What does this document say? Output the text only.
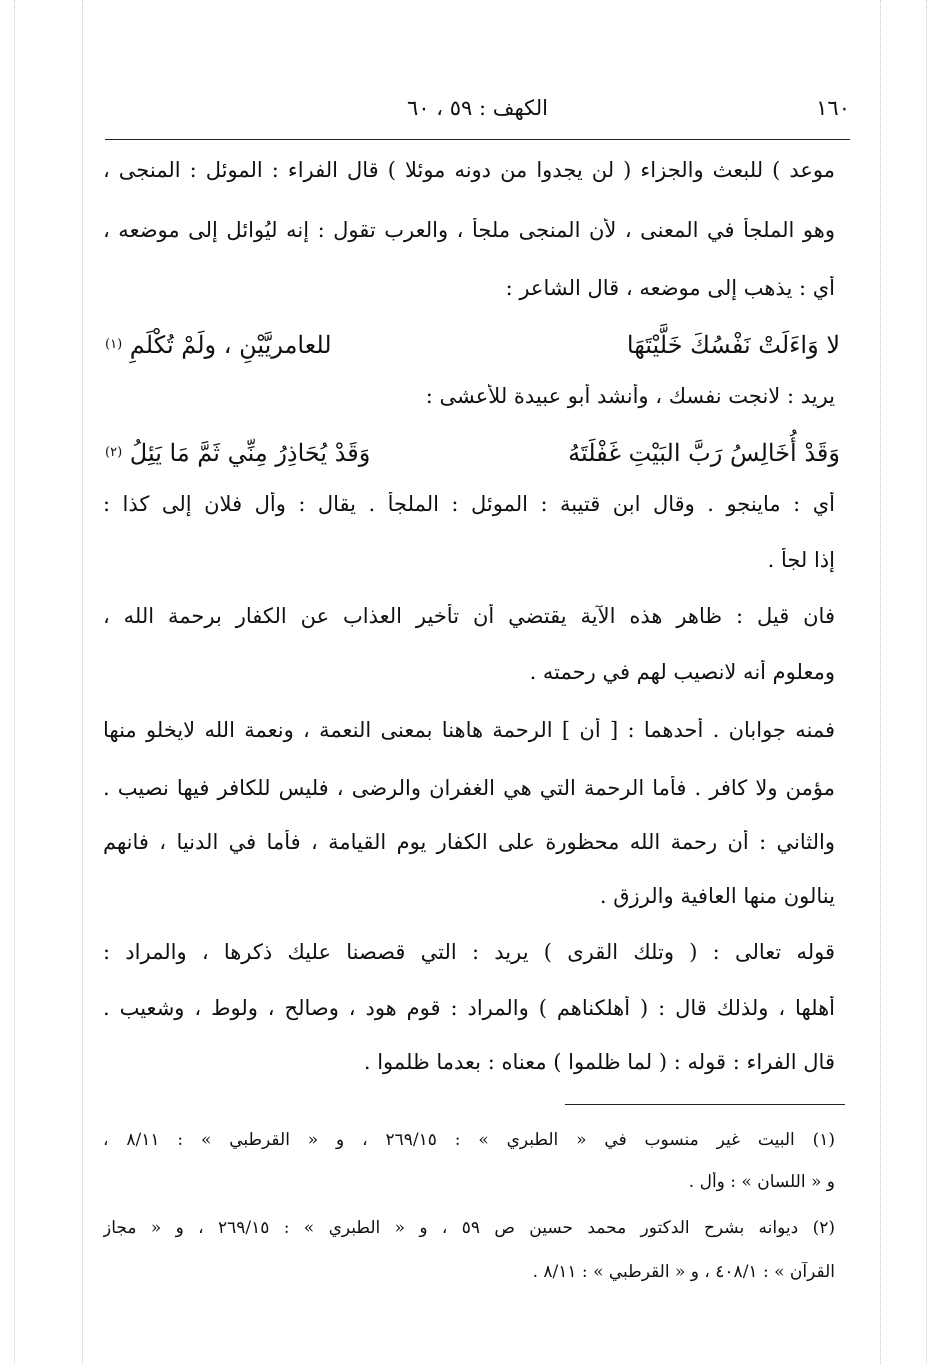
١٦٠
الكهف : ٥٩ ، ٦٠
موعد ) للبعث والجزاء ( لن يجدوا من دونه موئلا ) قال الفراء : الموئل : المنجى ،
وهو الملجأ في المعنى ، لأن المنجى ملجأ ، والعرب تقول : إنه ليُوائل إلى موضعه ،
أي : يذهب إلى موضعه ، قال الشاعر :
لا وَاءَلَتْ نَفْسُكَ خَلَّيْتَهَا
للعامريَّيْنِ ، ولَمْ تُكْلَمِ $^{(١)}$
يريد : لانجت نفسك ، وأنشد أبو عبيدة للأعشى :
وَقَدْ أُخَالِسُ رَبَّ البَيْتِ غَفْلَتَهُ
وَقَدْ يُحَاذِرُ مِنِّي ثَمَّ مَا يَئِلُ $^{(٢)}$
أي : ماينجو . وقال ابن قتيبة : الموئل : الملجأ . يقال : وأل فلان إلى كذا :
إذا لجأ .
فان قيل : ظاهر هذه الآية يقتضي أن تأخير العذاب عن الكفار برحمة الله ،
ومعلوم أنه لانصيب لهم في رحمته .
فمنه جوابان . أحدهما : [ أن ] الرحمة هاهنا بمعنى النعمة ، ونعمة الله لايخلو منها
مؤمن ولا كافر . فأما الرحمة التي هي الغفران والرضى ، فليس للكافر فيها نصيب .
والثاني : أن رحمة الله محظورة على الكفار يوم القيامة ، فأما في الدنيا ، فانهم
ينالون منها العافية والرزق .
قوله تعالى : ( وتلك القرى ) يريد : التي قصصنا عليك ذكرها ، والمراد :
أهلها ، ولذلك قال : ( أهلكناهم ) والمراد : قوم هود ، وصالح ، ولوط ، وشعيب .
قال الفراء : قوله : ( لما ظلموا ) معناه : بعدما ظلموا .
(١) البيت غير منسوب في « الطبري » : ٢٦٩/١٥ ، و « القرطبي » : ٨/١١ ،
و « اللسان » : وأل .
(٢) ديوانه بشرح الدكتور محمد حسين ص ٥٩ ، و « الطبري » : ٢٦٩/١٥ ، و « مجاز
القرآن » : ٤٠٨/١ ، و « القرطبي » : ٨/١١ .
